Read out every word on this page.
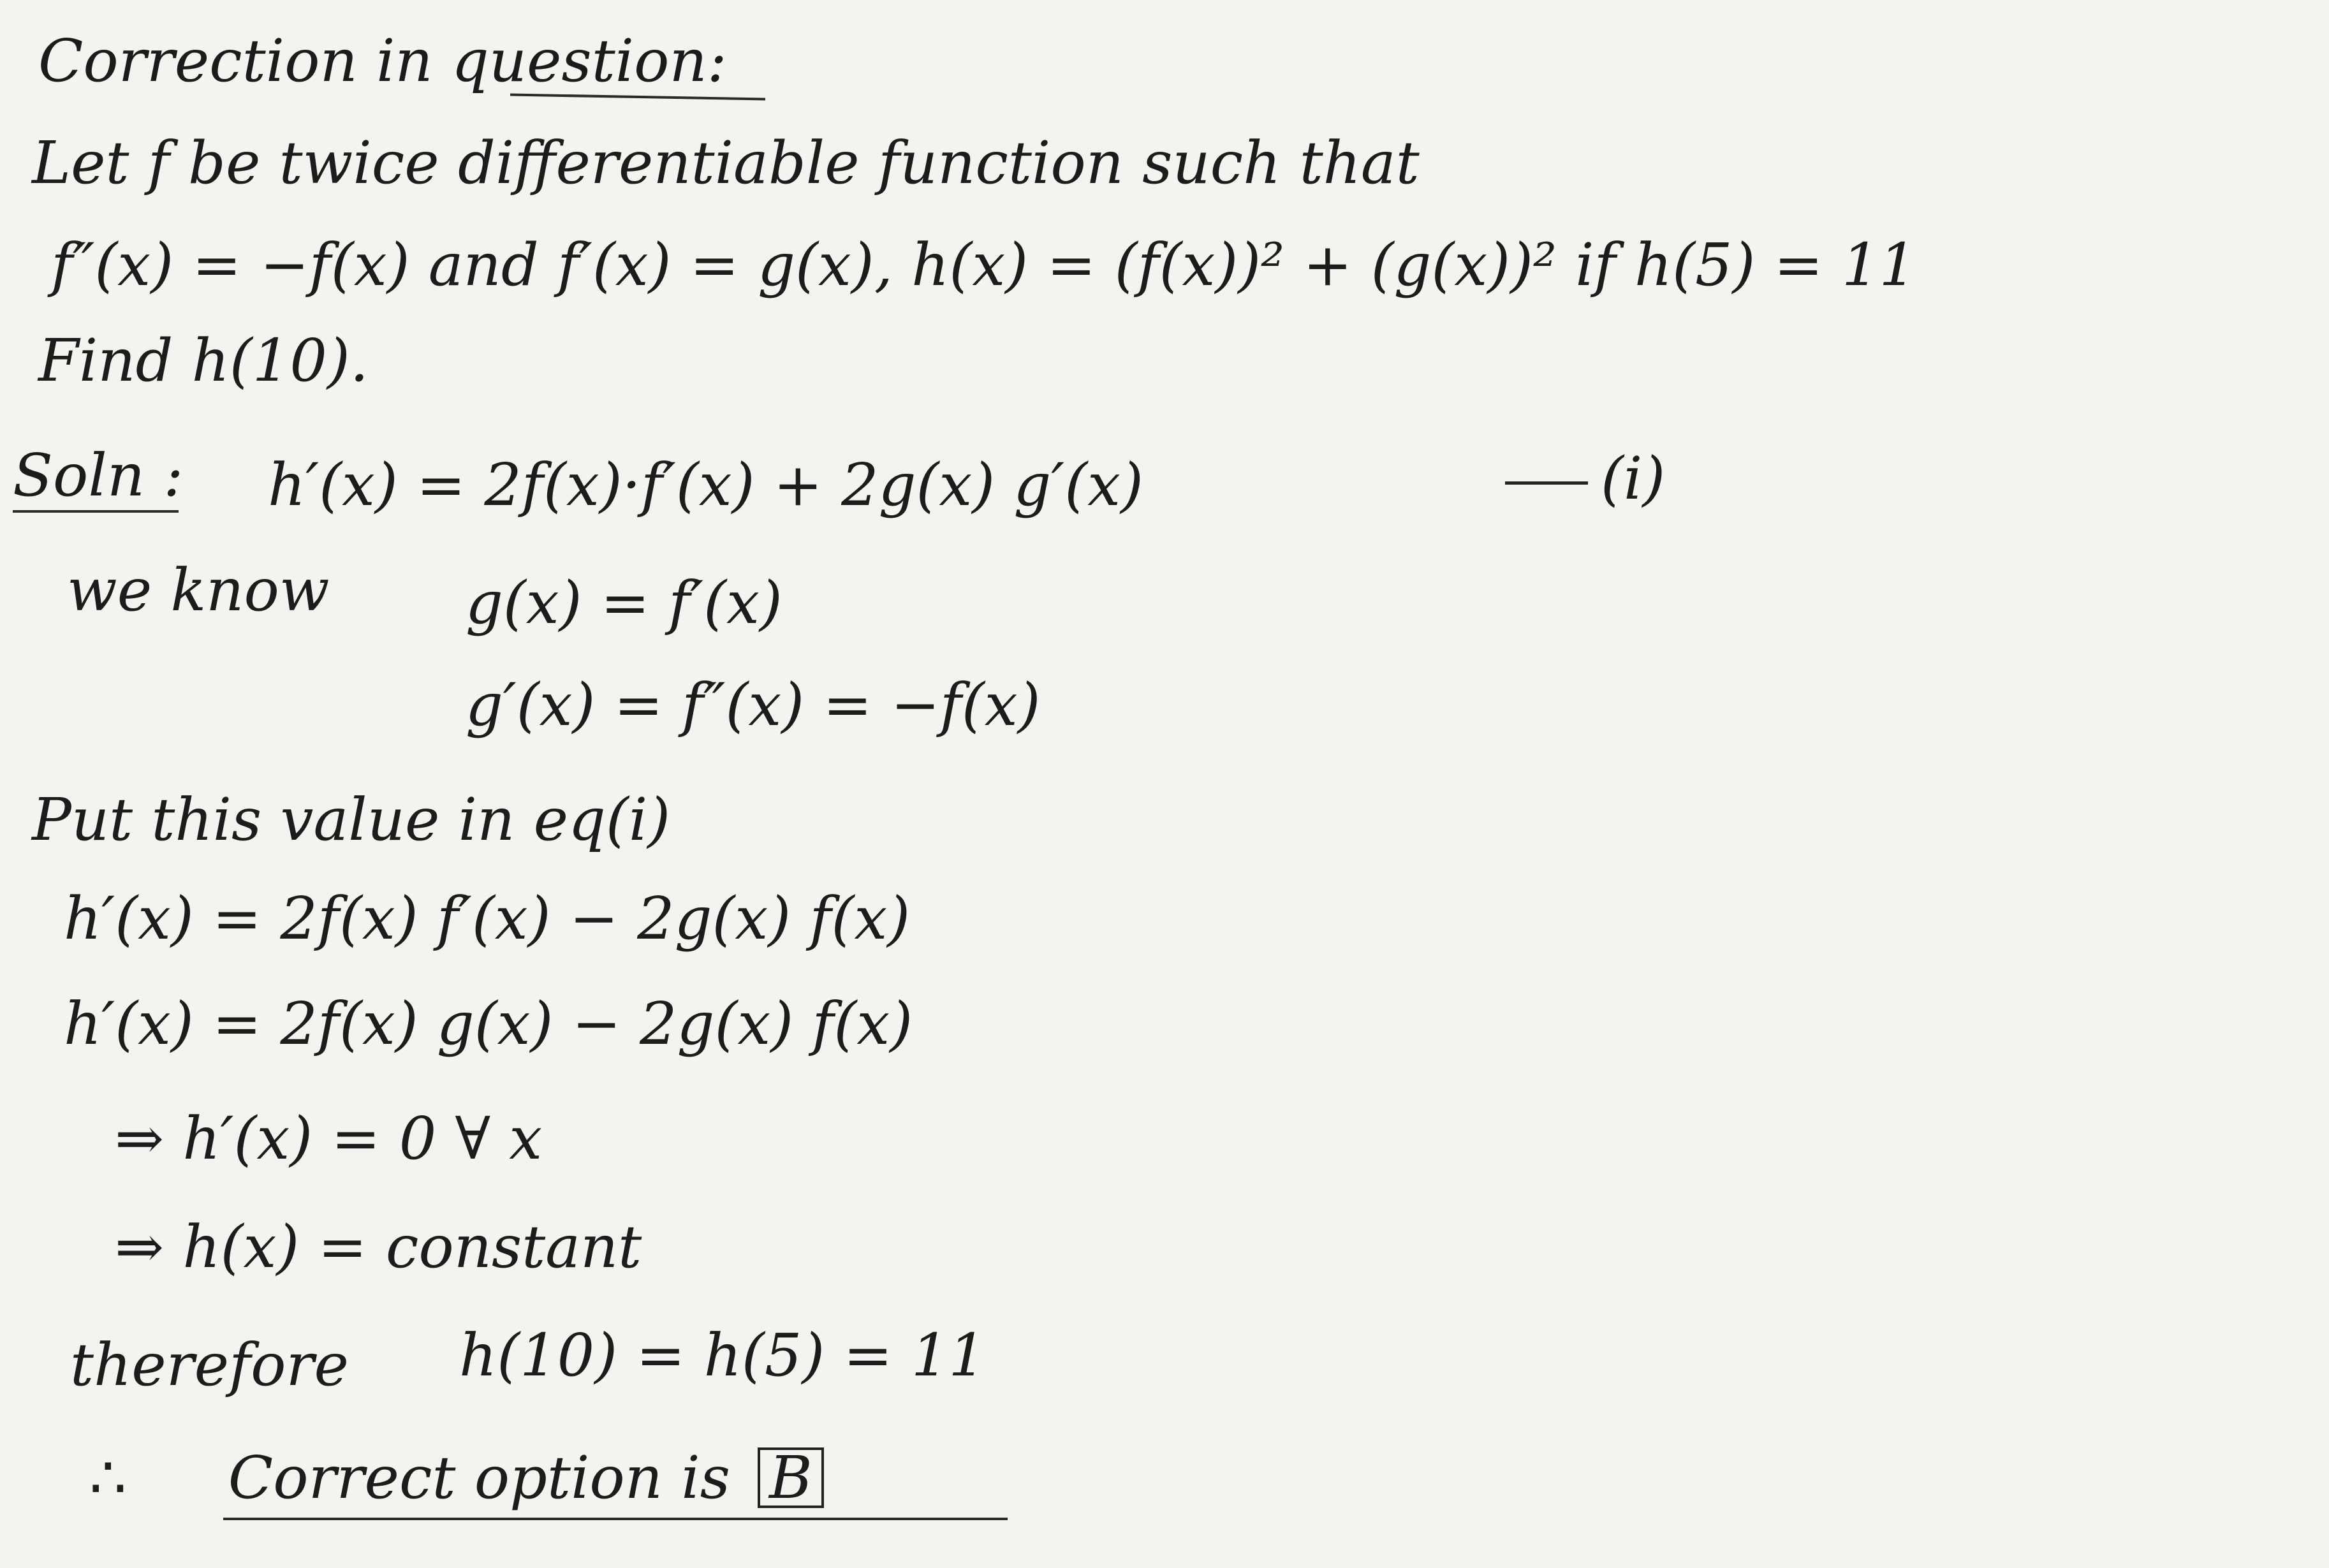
Correction in question:
Let f be twice differentiable function such that
f″(x) = −f(x) and f′(x) = g(x), h(x) = (f(x))² + (g(x))² if h(5) = 11
Find h(10).
Soln : h′(x) = 2f(x)·f′(x) + 2g(x) g′(x)	(i)
we know g(x) = f′(x)
g′(x) = f″(x) = −f(x)
Put this value in eq(i)
h′(x) = 2f(x) f′(x) − 2g(x) f(x)
h′(x) = 2f(x) g(x) − 2g(x) f(x)
⇒ h′(x) = 0 ∀ x
⇒ h(x) = constant
therefore h(10) = h(5) = 11
∴ Correct option is B
